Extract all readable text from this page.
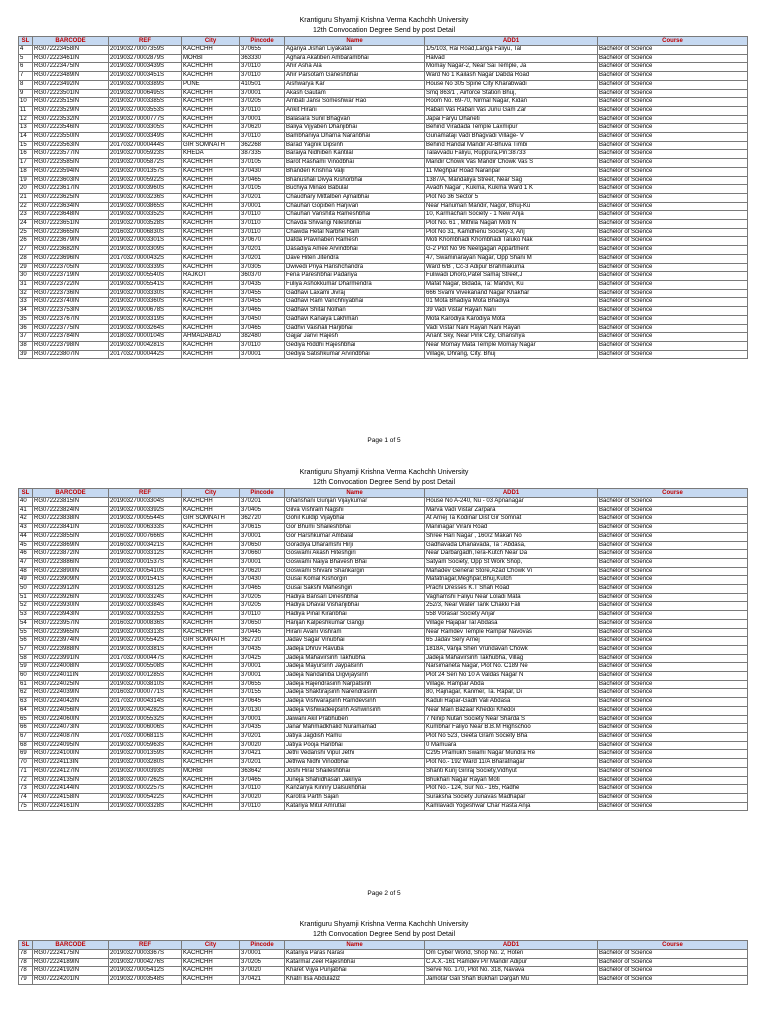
Krantiguru Shyamji Krishna Verma Kachchh University
12th Convocation Degree Send by post Detail
SL	BARCODE	REF	City	Pincode	Name	ADD1	Course
4	RG072223458IN	201903270007359S	KACHCHH	370655	Agariya Jishan Liyakatali	1/5/103, Rai Road,Langa Faliyu, Tal	Bachelor of Science
5	RG072223461IN	201903270002879S	MORBI	363330	Aghara Akatiben Ambarambhai	Halvad	Bachelor of Science
6	RG072223475IN	201903270003439S	KACHCHH	370110	Ahir Asha Ala	Momay Nagar-2, Near Sai Temple, Ja	Bachelor of Science
7	RG072223489IN	201903270003451S	KACHCHH	370110	Ahir Parsotam Ganeshbhai	Ward No 1 Kailash Nagar Dabda Road	Bachelor of Science
8	RG072223492IN	201903270003389S	PUNE	410501	Aishwarya Kar	House No 305 Spine City Kharabwadi	Bachelor of Science
9	RG072223501IN	201903270006495S	KACHCHH	370001	Akash Gautam	Smq 863/1 , Airforce Station Bhuj,	Bachelor of Science
10	RG072223515IN	201903270003385S	KACHCHH	370205	Ambati Jansi Someshwar Rao	Room No. 69-70, Nirmal Nagar, Kidan	Bachelor of Science
11	RG072223529IN	201903270003553S	KACHCHH	370110	Ankit Hirani	Rabari Vas Rabari Vas Junu Gam Zar	Bachelor of Science
12	RG072223532IN	201903270000777S	KACHCHH	370001	Balasara Sunil Bhagvan	Japai Faryu Dhaneti	Bachelor of Science
13	RG072223546IN	201903270003305S	KACHCHH	370620	Baliya Vijyaben Dhanjibhai	Behind Viradada Temple Laxmipur	Bachelor of Science
14	RG072223550IN	201903270003349S	KACHCHH	370110	Bambhaniya Dharna Naranbhai	Gunamataji Vadi Bhagvadi Village- V	Bachelor of Science
15	RG072223563IN	201703270000444S	GIR SOMNATH	362268	Barad Yagnik Dipsinh	Behind Randal Mandir At-Bhuva Timbi	Bachelor of Science
16	RG072223577IN	201903270005923S	KHEDA	387335	Baraiya Nidhiben Kantilal	Talavvadu Faliyu, Ruppura,Pin:38733	Bachelor of Science
17	RG072223585IN	201903270005872S	KACHCHH	370105	Barot Rashami Vinodbhai	Mandir Chowk Vas Mandir Chowk Vas S	Bachelor of Science
18	RG072223594IN	201903270001357S	KACHCHH	370430	Bhanderi Krishna Valji	11 Meghpar Road Naranpar	Bachelor of Science
19	RG072223603IN	201903270005922S	KACHCHH	370465	Bhanushali Divya Kishorbhai	1387/A, Mandaliya Street, Near Sag	Bachelor of Science
20	RG072223617IN	201903270003960S	KACHCHH	370105	Buchiya Minaxi Babulal	Avadh Nagar , Kukma, Kukma Ward 1 K	Bachelor of Science
21	RG072223625IN	201903270003236S	KACHCHH	370201	Chaudhary Mittalben Ajmalbhai	Plot No 36 Sector 5	Bachelor of Science
22	RG072223634IN	201903270003865S	KACHCHH	370001	Chauhan Gopiben Harjivan	Near Hanuman Mandir, Nagor, Bhuj-Ku	Bachelor of Science
23	RG072223648IN	201903270003352S	KACHCHH	370110	Chauhan Vanshita Rameshbhai	10, Karmachari Society - 1 New Anja	Bachelor of Science
24	RG072223651IN	201903270003528S	KACHCHH	370110	Chavda Shivangi Nileshbhai	Plot No. 61 , Mithila Nagari Moti N	Bachelor of Science
25	RG072223665IN	201603270006830S	KACHCHH	370110	Chawda Hetal Narbhe Ram	Plot No 31, Kamdhenu Society-3, Anj	Bachelor of Science
26	RG072223679IN	201903270003301S	KACHCHH	370670	Dafda Pravinaben Ramesh	Moti Khombhadi Khombhadi Taluko Nak	Bachelor of Science
27	RG072223682IN	201903270003309S	KACHCHH	370201	Dasadiya Amee Arvindbhai	G-2 Plot No 96 Neelgagan Appartment	Bachelor of Science
28	RG072223696IN	201703270000432S	KACHCHH	370201	Dave Hiten Jitendra	47, Swaminarayan Nagar, Opp Shani M	Bachelor of Science
29	RG072223705IN	201903270003339S	KACHCHH	370305	Dwivedi Priya Harishchandra	Ward 6/B , Cc-3 Adipur Brahmakuma	Bachelor of Science
30	RG072223719IN	201903270005540S	RAJKOT	360370	Fena Pareshbhai Padariya	Fuliwadi Dhoro,Patel Samaj Street,J	Bachelor of Science
31	RG072223722IN	201903270005541S	KACHCHH	370435	Fuliya Ashokkumar Dharmendra	Mafat Nagar, Bidada, Ta: Mandvi, Ku	Bachelor of Science
32	RG072223736IN	201903270003330S	KACHCHH	370455	Gadhavi Laxami Jivraj	666 Svami Vivekanand Nagar Khakhar	Bachelor of Science
33	RG072223740IN	201903270003360S	KACHCHH	370455	Gadhavi Ram Vanchhiyabhai	01 Mota Bhadiya Mota Bhadiya	Bachelor of Science
34	RG072223753IN	201903270000678S	KACHCHH	370465	Gadhavi Shital Nolhan	39 Vadi Vistar Rayan Nani	Bachelor of Science
35	RG072223767IN	201903270003319S	KACHCHH	370450	Gadhavi Kanaiya Lakhman	Mota Karodiya Karodiya Mota	Bachelor of Science
36	RG072223775IN	201903270003264S	KACHCHH	370465	Gadhvi Vaishali Harjibhai	Vadi Vistar Nani Rayan Nani Rayan	Bachelor of Science
37	RG072223784IN	201803270000104S	AHMADABAD	382480	Gajjar Janvi Rajesh	Anant Sky, Near Pink City, Ghanshya	Bachelor of Science
38	RG072223798IN	201903270004281S	KACHCHH	370110	Gediya Riddhi Rajeshbhai	Near Momay Mata Temple Momay Nagar	Bachelor of Science
39	RG072223807IN	201703270000442S	KACHCHH	370001	Gediya Satishkumar Arvindbhai	Village, Dhrang, City. Bhuj	Bachelor of Science
Page 1 of 5
Krantiguru Shyamji Krishna Verma Kachchh University
12th Convocation Degree Send by post Detail
SL	BARCODE	REF	City	Pincode	Name	ADD1	Course
40	RG072223815IN	201903270003304S	KACHCHH	370201	Ghanshani Gunjan Vijaykumar	House No A-240, Nu - 03 Apnanagar	Bachelor of Science
41	RG072223824IN	201903270003392S	KACHCHH	370405	Gilva Vishram Nagshi	Marva Vadi Vistar Zarpara	Bachelor of Science
42	RG072223838IN	201903270005544S	GIR SOMNATH	362720	Gohil Kuldip Vijaybhai	At Arnej Ta Kodinar Dist Gir Somnat	Bachelor of Science
43	RG072223841IN	201603270006333S	KACHCHH	370615	Gor Bhumi Shaileshbhai	Maninagar Virani Road	Bachelor of Science
44	RG072223855IN	201603270007666S	KACHCHH	370001	Gor Harshkumar Ambalal	Shree Hari Nagar , 160/2 Makan No	Bachelor of Science
45	RG072223869IN	201603270003421S	KACHCHH	370650	Goradiya Dharamshi Hirji	Gadhavada Dhanavada, Ta : Abdasa,	Bachelor of Science
46	RG072223872IN	201903270003312S	KACHCHH	370660	Goswami Akash Hiteshgiri	Near Darbargadh,Tera-Kutch Near Da	Bachelor of Science
47	RG072223886IN	201903270001537S	KACHCHH	370001	Goswami Naiya Bhavesh Bhai	Satyam Society, Opp St Work Shop,	Bachelor of Science
48	RG072223890IN	201903270005410S	KACHCHH	370620	Goswami Shivani Shankargiri	Mahadev General Store,Azad Chowk Vi	Bachelor of Science
49	RG072223909IN	201903270001541S	KACHCHH	370430	Gusai Komal Kishorgiri	Mafatnagar,Meghpar,Bhuj,Kutch	Bachelor of Science
50	RG072223912IN	201903270003312S	KACHCHH	370465	Gusai Sakshi Maheshgiri	Prachi Dresses K.T Shah Road	Bachelor of Science
51	RG072223926IN	201903270003324S	KACHCHH	370205	Hadiya Bansari Dineshbhai	Vaghamshi Faliyu Near Loladi Mata	Bachelor of Science
52	RG072223930IN	201903270003384S	KACHCHH	370205	Hadiya Dhaval Vishanjibhai	252/3, Near Water Tank Chakki Fali	Bachelor of Science
53	RG072223943IN	201903270003325S	KACHCHH	370110	Hadiya Pinal Kiranbhai	558 Vorasar Society Anjar	Bachelor of Science
54	RG072223957IN	201603270000836S	KACHCHH	370650	Harijan Kalpeshkumar Gangji	Village Hajapar Tal Abdasa	Bachelor of Science
55	RG072223965IN	201903270003313S	KACHCHH	370445	Hirani Avani Vishram	Near Ramdev Temple Rampar Navovas	Bachelor of Science
56	RG072223974IN	201903270005542S	GIR SOMNATH	362720	Jadav Sagar Vinubhai	65 Jadav Sery Arnej	Bachelor of Science
57	RG072223988IN	201903270003381S	KACHCHH	370435	Jadeja Dhruv Ravuba	1818A, Vanja Sheri Vrundavan Chowk	Bachelor of Science
58	RG072223991IN	201703270000447S	KACHCHH	370425	Jadeja Mahavirsinh Takhubha	Jadeja Mahavirsinh Takhubha, Villag	Bachelor of Science
59	RG072224008IN	201903270005508S	KACHCHH	370001	Jadeja Mayursinh Jaypalsinh	Narsimaneta Nagar, Plot No. C189 Ne	Bachelor of Science
60	RG072224011IN	201903270001285S	KACHCHH	370001	Jadeja Nandaniba Digvijaysinh	Plot 24 Seri No 10 A Valdas Nagar N	Bachelor of Science
61	RG072224025IN	201903270003810S	KACHCHH	370655	Jadeja Rajendrasinh Narpatsinh	Village. Rampar Abda	Bachelor of Science
62	RG072224039IN	201603270000771S	KACHCHH	370155	Jadeja Shaktirajsinh Narendrasinh	80, Rajnagar, Kanmer, Ta. Rapar, Di	Bachelor of Science
63	RG072224042IN	201703270004314S	KACHCHH	370645	Jadeja Vishvarajsinh Ramdevsinh	Kaduli Rapar-Gadh Vali Abdasa	Bachelor of Science
64	RG072224056IN	201903270004282S	KACHCHH	370130	Jadeja Vishwadeepsinh Ashwinsinh	Near Main Bazaar Khedoi Khedoi	Bachelor of Science
65	RG072224060IN	201903270005532S	KACHCHH	370001	Jaiwani Akil Prabhuben	7 Ninip Nutan Society Near Sharda S	Bachelor of Science
66	RG072224073IN	201903270006006S	KACHCHH	370435	Janar Mahmadkhalid Nuramamad	Kumbhar Faliyo Near B.B.M Highschoo	Bachelor of Science
67	RG072224087IN	201703270006811S	KACHCHH	370201	Jatiya Jagdish Ramu	Plot No 523, Geeta Gram Society Bha	Bachelor of Science
68	RG072224095IN	201903270005963S	KACHCHH	370020	Jatiya Pooja Haribhai	0 Mamuara	Bachelor of Science
69	RG072224100IN	201903270001359S	KACHCHH	370421	Jethi Vedanshi Vipul Jethi	C295 Pramukh Swami Nagar Mundra Re	Bachelor of Science
70	RG072224113IN	201903270003280S	KACHCHH	370201	Jethwa Nidhi Vinodbhai	Plot No.- 192 Ward 11/A Bharatnagar	Bachelor of Science
71	RG072224127IN	201903270000393S	MORBI	363642	Joshi Hiral Shaileshbhai	Shanti Kunj Giriraj Society,Vidhyut	Bachelor of Science
72	RG072224135IN	201803270007262S	KACHCHH	370465	Juneja Shahidhasan Jakriya	Bhukhari Nagar Rayan Moti	Bachelor of Science
73	RG072224144IN	201903270002257S	KACHCHH	370110	Kanzariya Kinnry Dalsukhbhai	Plot No.- 124, Sur No.- 165, Radhe	Bachelor of Science
74	RG072224158IN	201903270005422S	KACHCHH	370020	Karotra Parth Sajan	Suraksha Society Junavas Madhapar	Bachelor of Science
75	RG072224161IN	201903270003328S	KACHCHH	370110	Katariya Mitul Amrutlal	Kamlavadi Yogeshwar Char Rasta Anja	Bachelor of Science
Page 2 of 5
Krantiguru Shyamji Krishna Verma Kachchh University
12th Convocation Degree Send by post Detail
SL	BARCODE	REF	City	Pincode	Name	ADD1	Course
78	RG072224175IN	201903270003367S	KACHCHH	370001	Katariya Paras Narasi	Om Cyber World, Shop No. 2, Hoteri	Bachelor of Science
78	RG072224189IN	201903270004276S	KACHCHH	370205	Katarmal Zeel Rajeshbhai	C.A.X.-161 Ramdev Pir Mandir Adipur	Bachelor of Science
78	RG072224192IN	201903270005412S	KACHCHH	370020	Kharet Vijya Punjabhai	Serve No. 170, Plot No. 318, Navava	Bachelor of Science
79	RG072224201IN	201903270003548S	KACHCHH	370421	Khatri Ilsa Abdulaziz	Jamotar Gali Shah Bukhari Dargah Mu	Bachelor of Science
